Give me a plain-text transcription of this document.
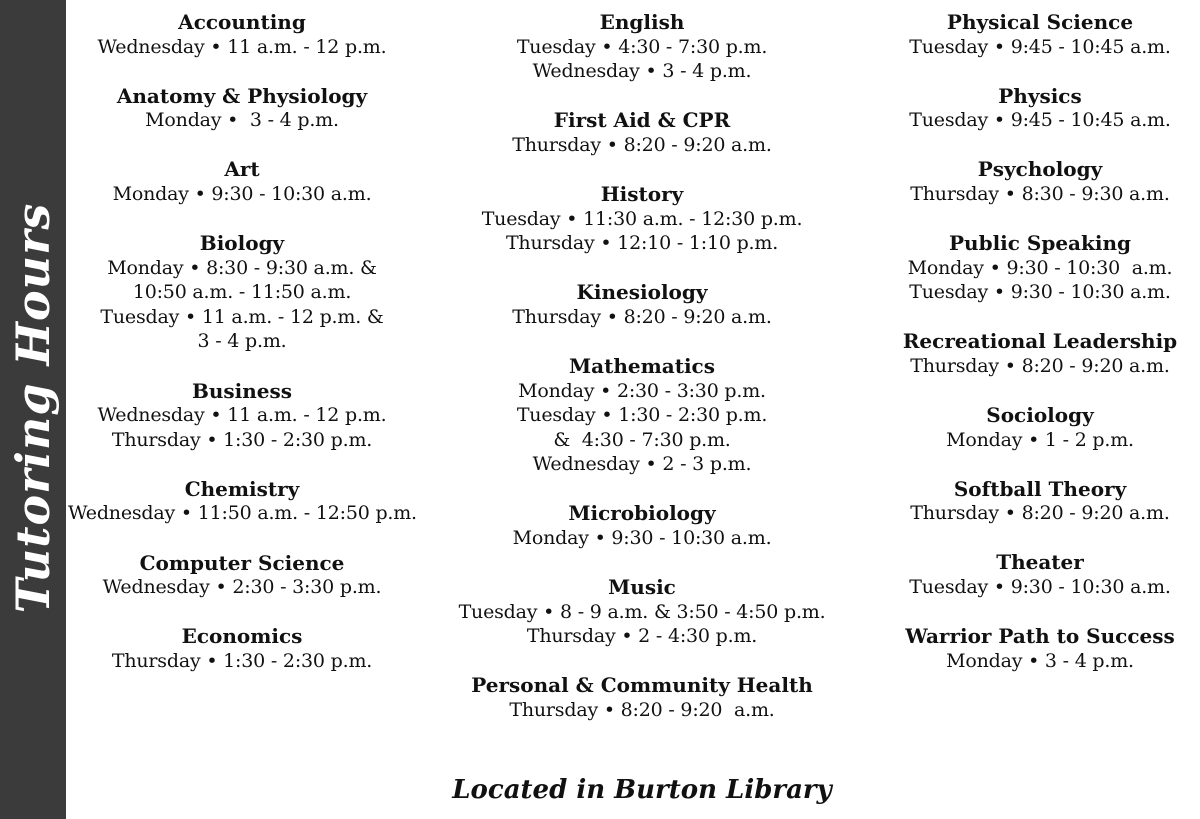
Tutoring Hours
Accounting
Wednesday • 11 a.m. - 12 p.m.
Anatomy & Physiology
Monday •  3 - 4 p.m.
Art
Monday • 9:30 - 10:30 a.m.
Biology
Monday • 8:30 - 9:30 a.m. &
10:50 a.m. - 11:50 a.m.
Tuesday • 11 a.m. - 12 p.m. &
3 - 4 p.m.
Business
Wednesday • 11 a.m. - 12 p.m.
Thursday • 1:30 - 2:30 p.m.
Chemistry
Wednesday • 11:50 a.m. - 12:50 p.m.
Computer Science
Wednesday • 2:30 - 3:30 p.m.
Economics
Thursday • 1:30 - 2:30 p.m.
English
Tuesday • 4:30 - 7:30 p.m.
Wednesday • 3 - 4 p.m.
First Aid & CPR
Thursday • 8:20 - 9:20 a.m.
History
Tuesday • 11:30 a.m. - 12:30 p.m.
Thursday • 12:10 - 1:10 p.m.
Kinesiology
Thursday • 8:20 - 9:20 a.m.
Mathematics
Monday • 2:30 - 3:30 p.m.
Tuesday • 1:30 - 2:30 p.m.
&  4:30 - 7:30 p.m.
Wednesday • 2 - 3 p.m.
Microbiology
Monday • 9:30 - 10:30 a.m.
Music
Tuesday • 8 - 9 a.m. & 3:50 - 4:50 p.m.
Thursday • 2 - 4:30 p.m.
Personal & Community Health
Thursday • 8:20 - 9:20  a.m.
Physical Science
Tuesday • 9:45 - 10:45 a.m.
Physics
Tuesday • 9:45 - 10:45 a.m.
Psychology
Thursday • 8:30 - 9:30 a.m.
Public Speaking
Monday • 9:30 - 10:30  a.m.
Tuesday • 9:30 - 10:30 a.m.
Recreational Leadership
Thursday • 8:20 - 9:20 a.m.
Sociology
Monday • 1 - 2 p.m.
Softball Theory
Thursday • 8:20 - 9:20 a.m.
Theater
Tuesday • 9:30 - 10:30 a.m.
Warrior Path to Success
Monday • 3 - 4 p.m.
Located in Burton Library
